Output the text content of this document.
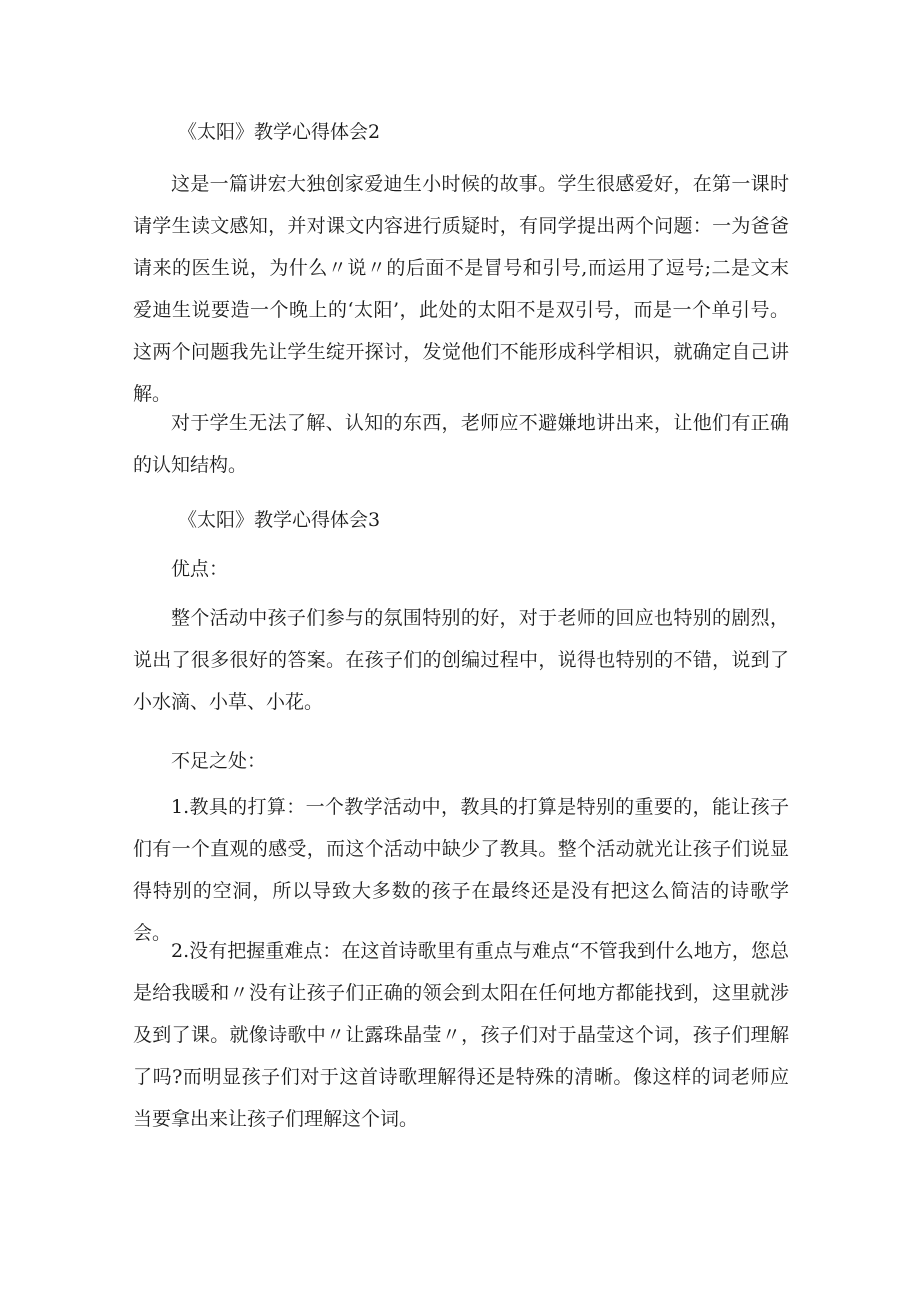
《太阳》教学心得体会2

这是一篇讲宏大独创家爱迪生小时候的故事。学生很感爱好，在第一课时请学生读文感知，并对课文内容进行质疑时，有同学提出两个问题：一为爸爸请来的医生说，为什么〃说〃的后面不是冒号和引号,而运用了逗号;二是文末爱迪生说要造一个晚上的‘太阳’，此处的太阳不是双引号，而是一个单引号。这两个问题我先让学生绽开探讨，发觉他们不能形成科学相识，就确定自己讲解。

对于学生无法了解、认知的东西，老师应不避嫌地讲出来，让他们有正确的认知结构。

《太阳》教学心得体会3

优点：

整个活动中孩子们参与的氛围特别的好，对于老师的回应也特别的剧烈，说出了很多很好的答案。在孩子们的创编过程中，说得也特别的不错，说到了小水滴、小草、小花。

不足之处：

1.教具的打算：一个教学活动中，教具的打算是特别的重要的，能让孩子们有一个直观的感受，而这个活动中缺少了教具。整个活动就光让孩子们说显得特别的空洞，所以导致大多数的孩子在最终还是没有把这么简洁的诗歌学会。

2.没有把握重难点：在这首诗歌里有重点与难点“不管我到什么地方，您总是给我暖和〃没有让孩子们正确的领会到太阳在任何地方都能找到，这里就涉及到了课。就像诗歌中〃让露珠晶莹〃，孩子们对于晶莹这个词，孩子们理解了吗?而明显孩子们对于这首诗歌理解得还是特殊的清晰。像这样的词老师应当要拿出来让孩子们理解这个词。
